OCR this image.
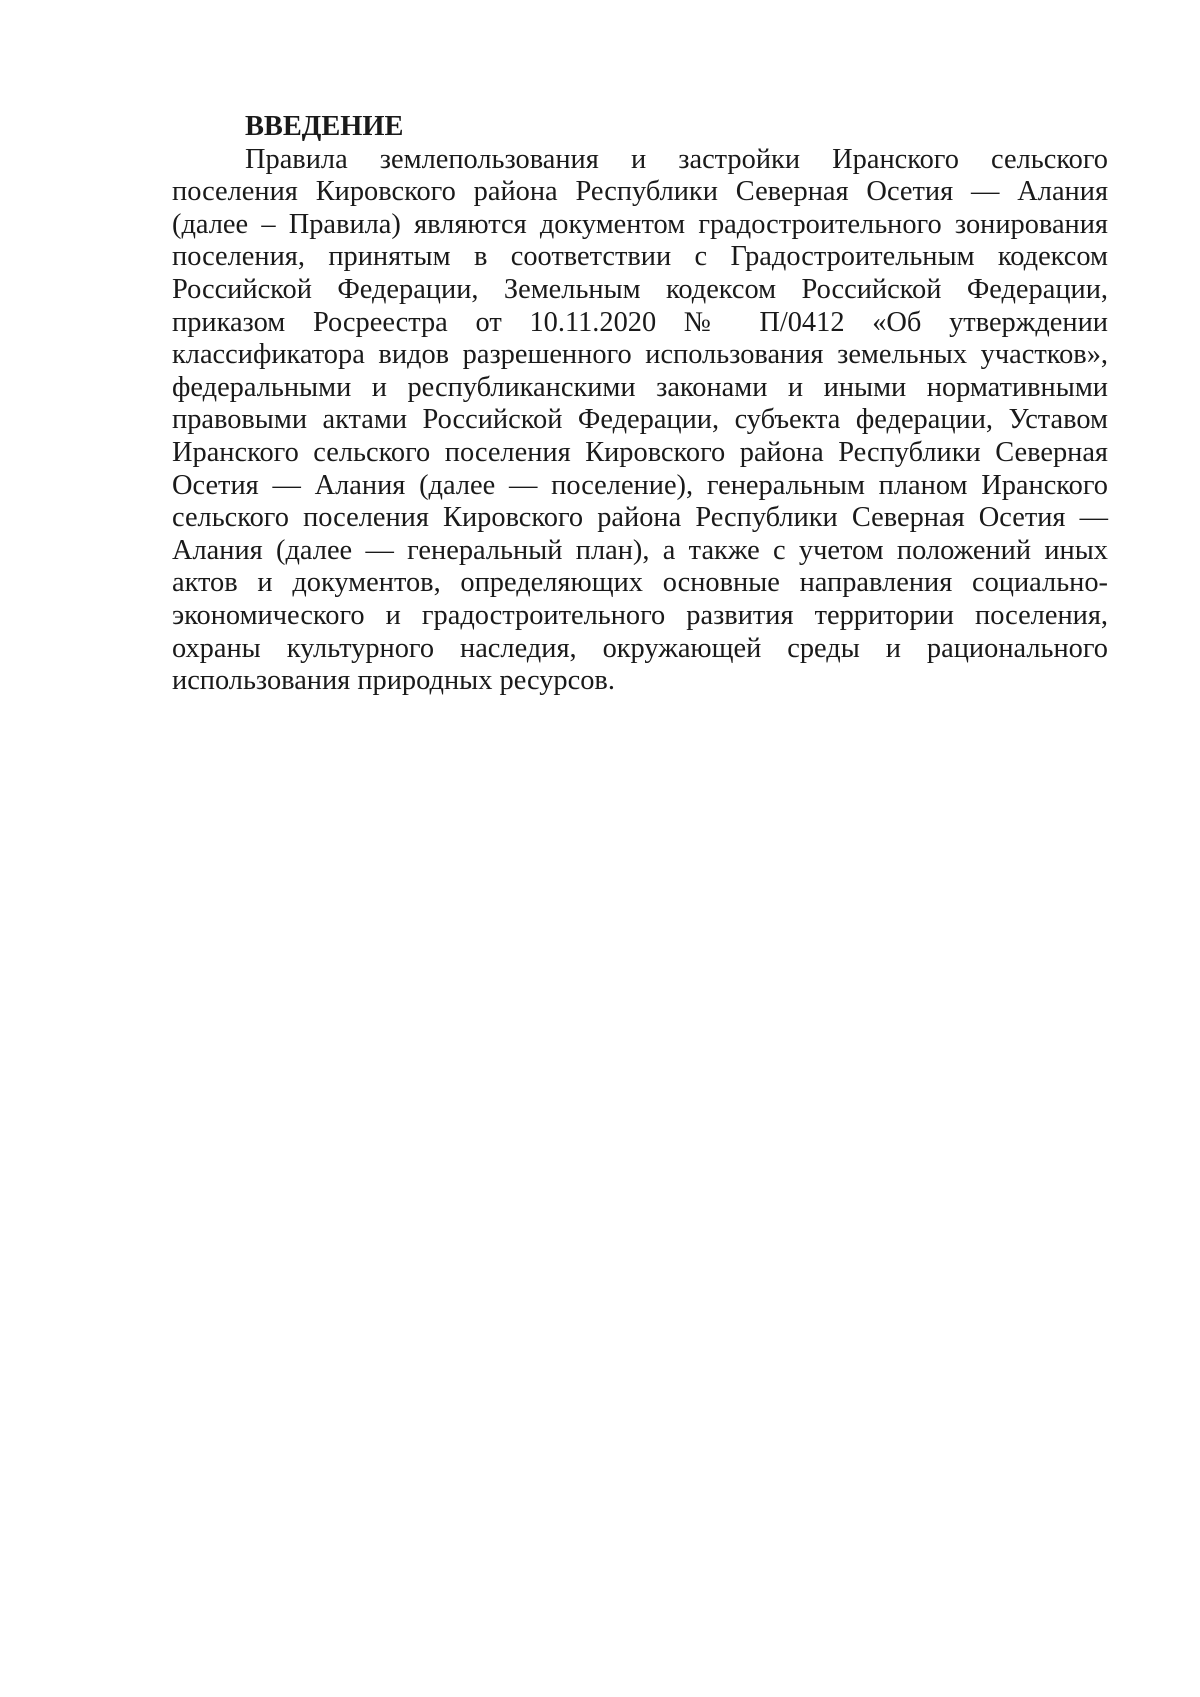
ВВЕДЕНИЕ

Правила землепользования и застройки Иранского сельского поселения Кировского района Республики Северная Осетия — Алания (далее – Правила) являются документом градостроительного зонирования поселения, принятым в соответствии с Градостроительным кодексом Российской Федерации, Земельным кодексом Российской Федерации, приказом Росреестра от 10.11.2020 № П/0412 «Об утверждении классификатора видов разрешенного использования земельных участков», федеральными и республиканскими законами и иными нормативными правовыми актами Российской Федерации, субъекта федерации, Уставом Иранского сельского поселения Кировского района Республики Северная Осетия — Алания (далее — поселение), генеральным планом Иранского сельского поселения Кировского района Республики Северная Осетия — Алания (далее — генеральный план), а также с учетом положений иных актов и документов, определяющих основные направления социально-экономического и градостроительного развития территории поселения, охраны культурного наследия, окружающей среды и рационального использования природных ресурсов.
